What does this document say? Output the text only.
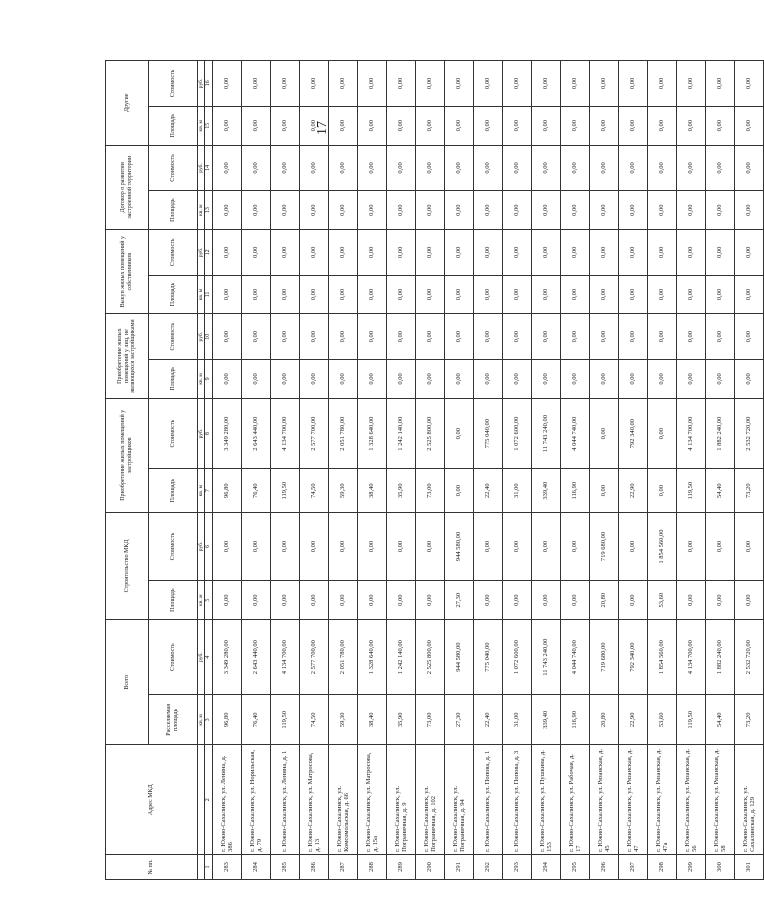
17
№ пп.	Адрес МКД	Всего		Строительство МКД		Приобретение жилых помещений у застройщиков		Приобретение жилых помещений у лиц, не являющихся застройщиками		Выкуп жилых помещений у собственников		Договор о развитии застроенной территории		Другие	
		Расселяемая площадь	Стоимость	Площадь	Стоимость	Площадь	Стоимость	Площадь	Стоимость	Площадь	Стоимость	Площадь	Стоимость	Площадь	Стоимость
		кв. м	руб.	кв. м	руб.	кв. м	руб.	кв. м	руб.	кв. м	руб.	кв. м	руб.	кв. м	руб.
1	2	3	4	5	6	7	8	9	10	11	12	13	14	15	16
283	г. Южно-Сахалинск, ул. Ленина, д. 386	96,80	3 349 280,00	0,00	0,00	96,80	3 349 280,00	0,00	0,00	0,00	0,00	0,00	0,00	0,00	0,00
284	г. Южно-Сахалинск, ул. Норильская, д. 79	76,40	2 643 440,00	0,00	0,00	76,40	2 643 440,00	0,00	0,00	0,00	0,00	0,00	0,00	0,00	0,00
285	г. Южно-Сахалинск, ул. Ленина, д. 1	119,50	4 134 700,00	0,00	0,00	119,50	4 134 700,00	0,00	0,00	0,00	0,00	0,00	0,00	0,00	0,00
286	г. Южно-Сахалинск, ул. Матросова, д. 13	74,50	2 577 700,00	0,00	0,00	74,50	2 577 700,00	0,00	0,00	0,00	0,00	0,00	0,00	0,00	0,00
287	г. Южно-Сахалинск, ул. Комсомольская, д. 66	59,30	2 051 780,00	0,00	0,00	59,30	2 051 780,00	0,00	0,00	0,00	0,00	0,00	0,00	0,00	0,00
288	г. Южно-Сахалинск, ул. Матросова, д. 15а	38,40	1 328 640,00	0,00	0,00	38,40	1 328 640,00	0,00	0,00	0,00	0,00	0,00	0,00	0,00	0,00
289	г. Южно-Сахалинск, ул. Пограничная, д. 9	35,90	1 242 140,00	0,00	0,00	35,90	1 242 140,00	0,00	0,00	0,00	0,00	0,00	0,00	0,00	0,00
290	г. Южно-Сахалинск, ул. Пограничная, д. 102	73,00	2 525 800,00	0,00	0,00	73,00	2 525 800,00	0,00	0,00	0,00	0,00	0,00	0,00	0,00	0,00
291	г. Южно-Сахалинск, ул. Пограничная, д. 94	27,30	944 580,00	27,30	944 580,00	0,00	0,00	0,00	0,00	0,00	0,00	0,00	0,00	0,00	0,00
292	г. Южно-Сахалинск, ул. Попова, д. 1	22,40	775 040,00	0,00	0,00	22,40	775 040,00	0,00	0,00	0,00	0,00	0,00	0,00	0,00	0,00
293	г. Южно-Сахалинск, ул. Попова, д. 3	31,00	1 072 600,00	0,00	0,00	31,00	1 072 600,00	0,00	0,00	0,00	0,00	0,00	0,00	0,00	0,00
294	г. Южно-Сахалинск, ул. Пушкина, д. 153	339,40	11 743 240,00	0,00	0,00	339,40	11 743 240,00	0,00	0,00	0,00	0,00	0,00	0,00	0,00	0,00
295	г. Южно-Сахалинск, ул. Рабочая, д. 17	116,90	4 044 740,00	0,00	0,00	116,90	4 044 740,00	0,00	0,00	0,00	0,00	0,00	0,00	0,00	0,00
296	г. Южно-Сахалинск, ул. Рязанская, д. 45	20,80	719 680,00	20,80	719 680,00	0,00	0,00	0,00	0,00	0,00	0,00	0,00	0,00	0,00	0,00
297	г. Южно-Сахалинск, ул. Рязанская, д. 47	22,90	792 340,00	0,00	0,00	22,90	792 340,00	0,00	0,00	0,00	0,00	0,00	0,00	0,00	0,00
298	г. Южно-Сахалинск, ул. Рязанская, д. 47а	53,60	1 854 560,00	53,60	1 854 560,00	0,00	0,00	0,00	0,00	0,00	0,00	0,00	0,00	0,00	0,00
299	г. Южно-Сахалинск, ул. Рязанская, д. 56	119,50	4 134 700,00	0,00	0,00	119,50	4 134 700,00	0,00	0,00	0,00	0,00	0,00	0,00	0,00	0,00
300	г. Южно-Сахалинск, ул. Рязанская, д. 58	54,40	1 882 240,00	0,00	0,00	54,40	1 882 240,00	0,00	0,00	0,00	0,00	0,00	0,00	0,00	0,00
301	г. Южно-Сахалинск, ул. Сахалинская, д. 129	73,20	2 532 720,00	0,00	0,00	73,20	2 532 720,00	0,00	0,00	0,00	0,00	0,00	0,00	0,00	0,00
